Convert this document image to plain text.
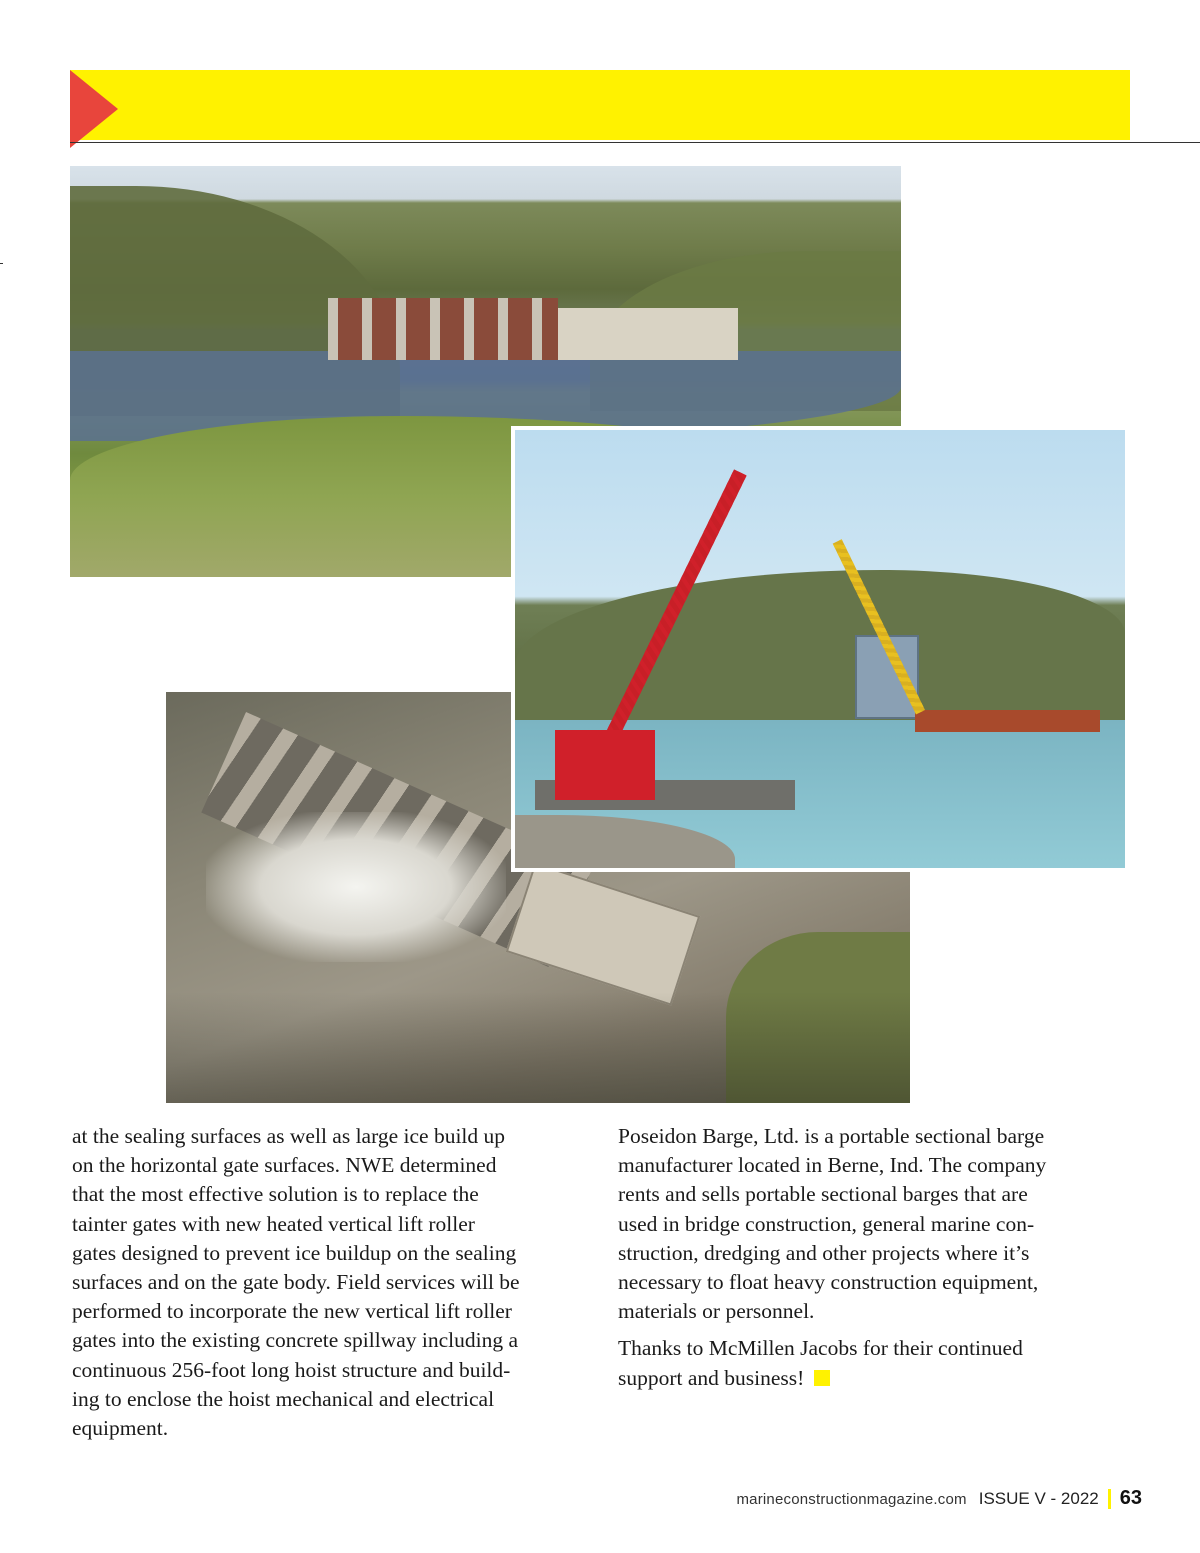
at the sealing surfaces as well as large ice build up
on the horizontal gate surfaces. NWE determined
that the most effective solution is to replace the
tainter gates with new heated vertical lift roller
gates designed to prevent ice buildup on the sealing
surfaces and on the gate body. Field services will be
performed to incorporate the new vertical lift roller
gates into the existing concrete spillway including a
continuous 256-foot long hoist structure and build-
ing to enclose the hoist mechanical and electrical
equipment.
Poseidon Barge, Ltd. is a portable sectional barge
manufacturer located in Berne, Ind. The company
rents and sells portable sectional barges that are
used in bridge construction, general marine con-
struction, dredging and other projects where it’s
necessary to float heavy construction equipment,
materials or personnel.
Thanks to McMillen Jacobs for their continued
support and business!
marineconstructionmagazine.com ISSUE V - 2022 63
